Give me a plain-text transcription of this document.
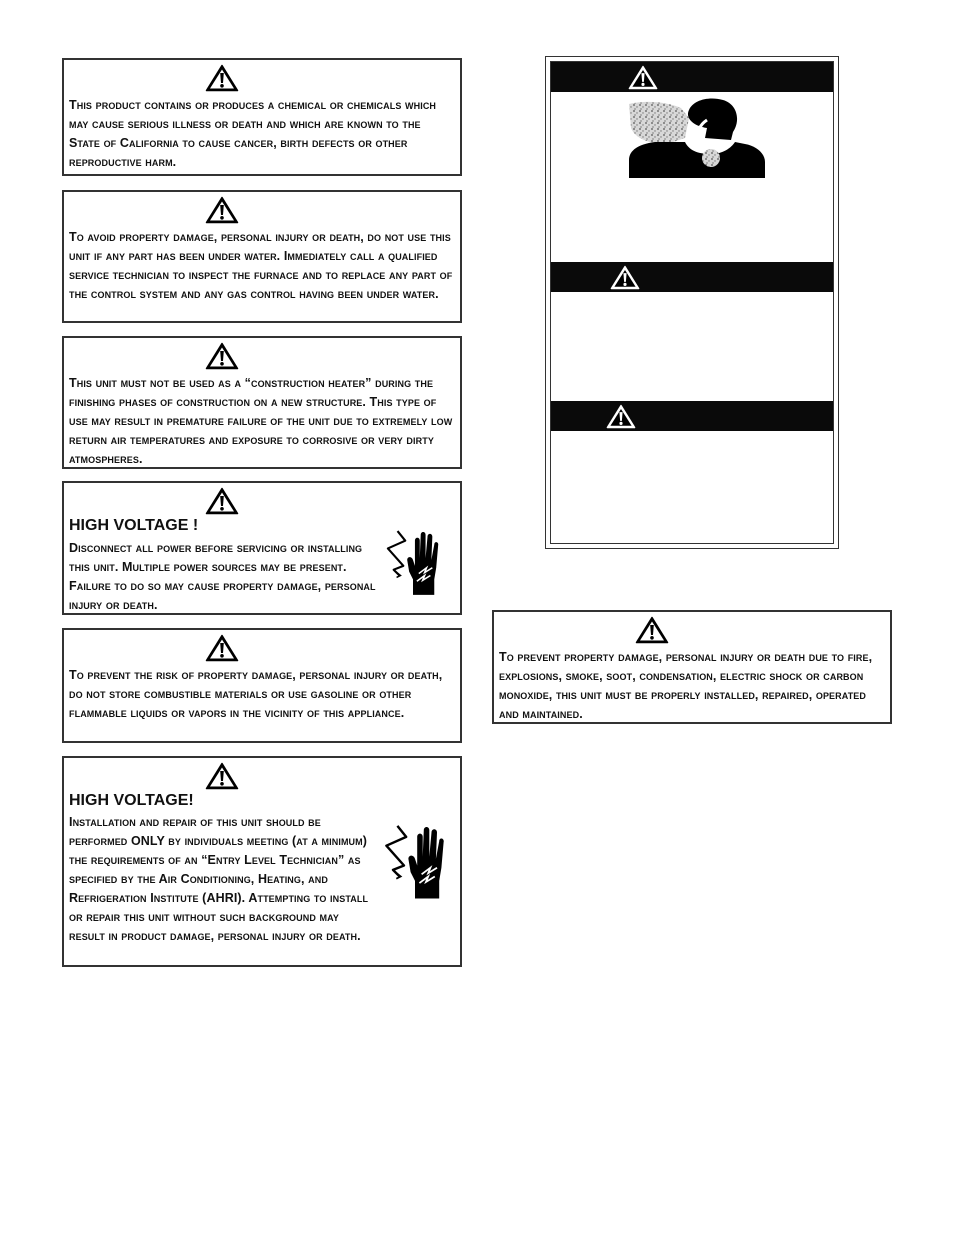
This product contains or produces a chemical or chemicals which may cause serious illness or death and which are known to the State of California to cause cancer, birth defects or other reproductive harm.

To avoid property damage, personal injury or death, do not use this unit if any part has been under water. Immediately call a qualified service technician to inspect the furnace and to replace any part of the control system and any gas control having been under water.

This unit must not be used as a “construction heater” during the finishing phases of construction on a new structure. This type of use may result in premature failure of the unit due to extremely low return air temperatures and exposure to corrosive or very dirty atmospheres.

HIGH VOLTAGE !

Disconnect all power before servicing or installing this unit. Multiple power sources may be present. Failure to do so may cause property damage, personal injury or death.

To prevent the risk of property damage, personal injury or death, do not store combustible materials or use gasoline or other flammable liquids or vapors in the vicinity of this appliance.

HIGH VOLTAGE!

Installation and repair of this unit should be performed ONLY by individuals meeting (at a minimum) the requirements of an “Entry Level Technician” as specified by the Air Conditioning, Heating, and Refrigeration Institute (AHRI). Attempting to install or repair this unit without such background may result in product damage, personal injury or death.

To prevent property damage, personal injury or death due to fire, explosions, smoke, soot, condensation, electric shock or carbon monoxide, this unit must be properly installed, repaired, operated and maintained.
